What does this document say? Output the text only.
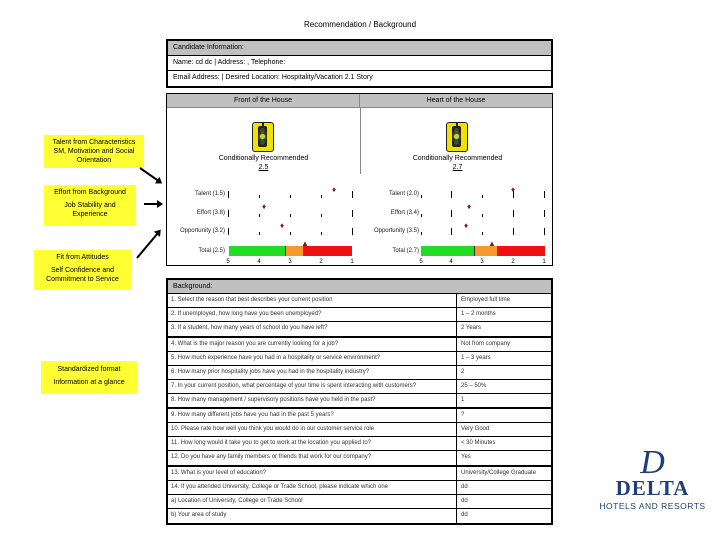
Recommendation / Background
Candidate Information:
Name: cd dc | Address: , Telephone:
Email Address: | Desired Location: Hospitality/Vacation 2.1 Story
Front of the House	Heart of the House
Conditionally Recommended
2.5
Talent (1.5)
Effort (3.8)
Opportunity (3.2)
Total (2.5)
♦
♦
♦
▲
5	4	3	2	1
Conditionally Recommended
2.7
Talent (2.0)
Effort (3.4)
Opportunity (3.5)
Total (2.7)
♦
♦
♦
▲
5	4	3	2	1
Background:
1. Select the reason that best describes your current position	Employed full time
2. If unemployed, how long have you been unemployed?	1 – 2 months
3. If a student, how many years of school do you have left?	2 Years
4. What is the major reason you are currently looking for a job?	Not from company
5. How much experience have you had in a hospitality or service environment?	1 – 3 years
6. How many prior hospitality jobs have you had in the hospitality industry?	2
7. In your current position, what percentage of your time is spent interacting with customers?	25 – 50%
8. How many management / supervisory positions have you held in the past?	1
9. How many different jobs have you had in the past 5 years?	?
10. Please rate how well you think you would do in our customer service role	Very Good
11. How long would it take you to get to work at the location you applied to?	< 30 Minutes
12. Do you have any family members or friends that work for our company?	Yes
13. What is your level of education?	University/College Graduate
14. If you attended University, College or Trade School, please indicate which one	dd
a) Location of University, College or Trade School	dd
b) Your area of study	dd
Talent from Characteristics
SM, Motivation and Social
Orientation
Effort from Background
Job Stability and
Experience
Fit from Attitudes
Self Confidence and
Commitment to Service
Standardized format
Information at a glance
D
DELTA
HOTELS AND RESORTS
